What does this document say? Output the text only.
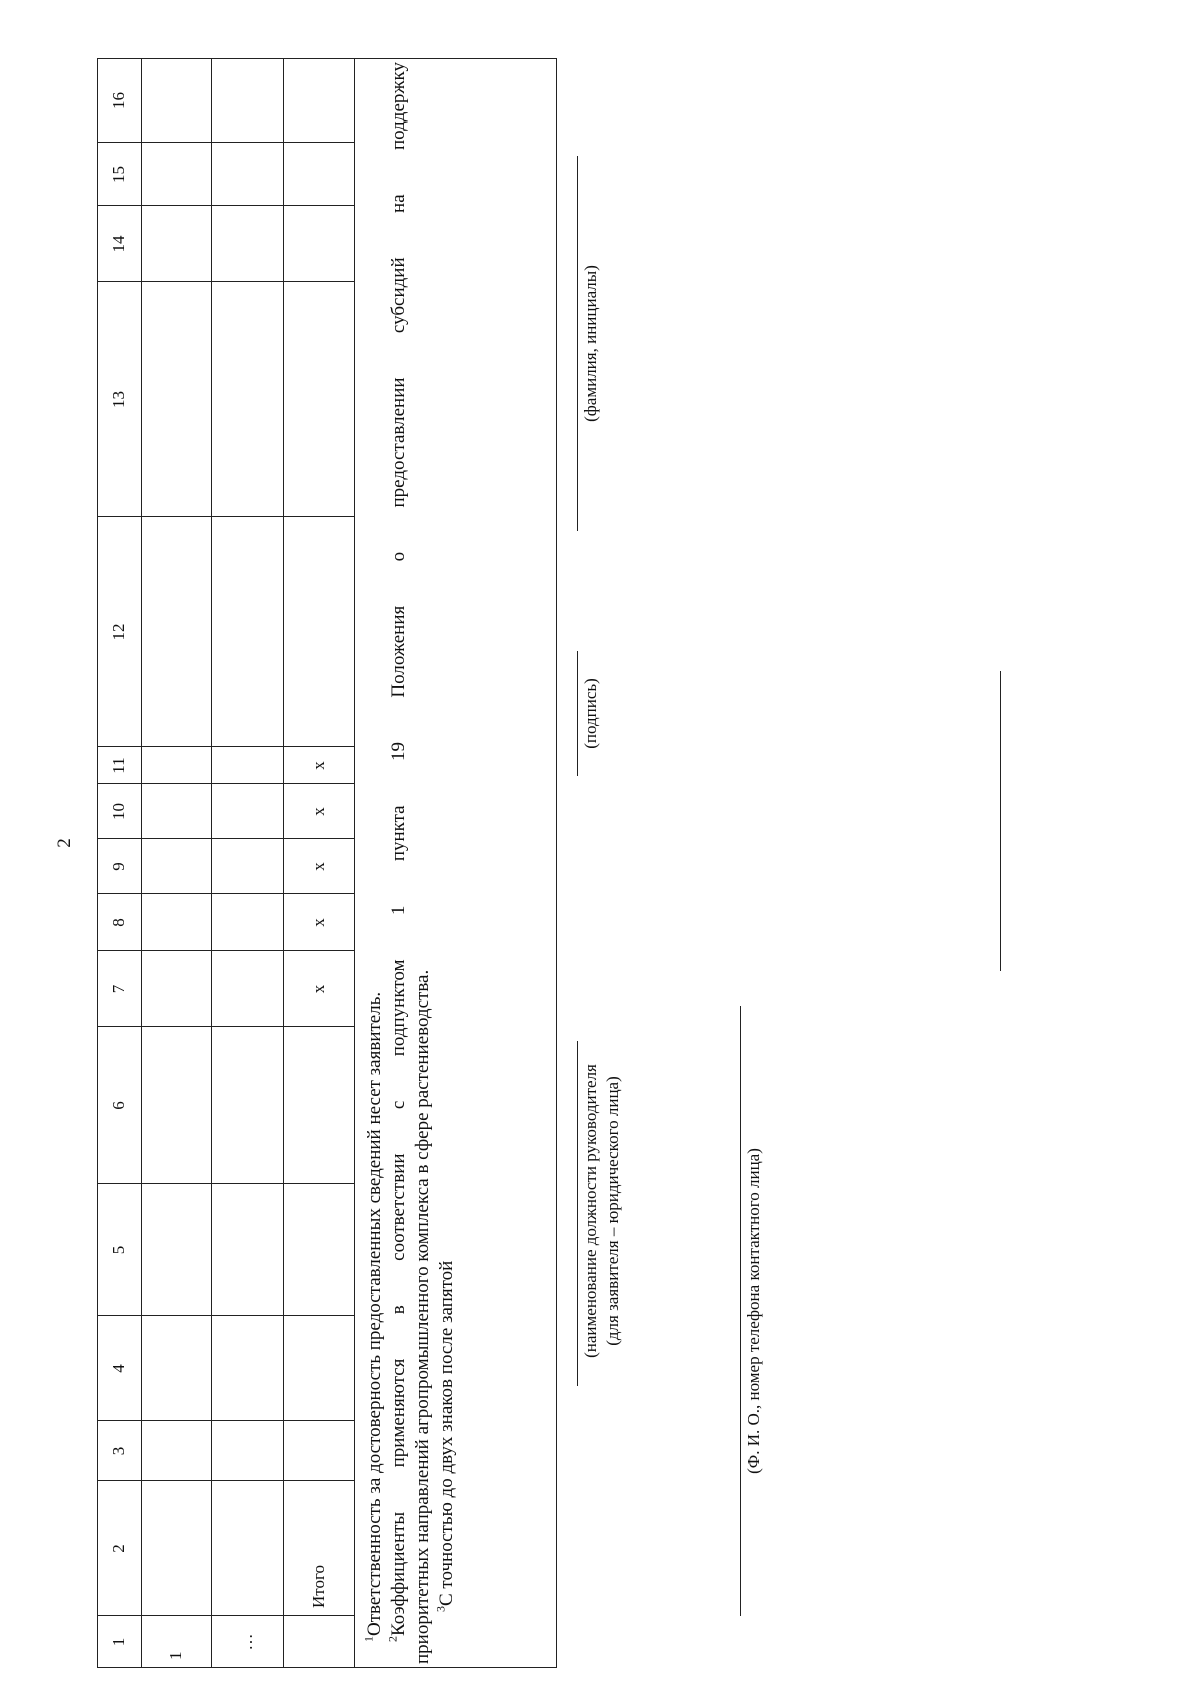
2
1
2
3
4
5
6
7
8
9
10
11
12
13
14
15
16
1
…
Итого
x
x
x
x
x

$^1$Ответственность за достоверность предоставленных сведений несет заявитель.

$^2$Коэффициенты применяются в соответствии с подпунктом 1 пункта 19 Положения о предоставлении субсидий на поддержку приоритетных направлений агропромышленного комплекса в сфере растениеводства. $^3$С точностью до двух знаков после запятой

(наименование должности руководителя (для заявителя – юридического лица)
(подпись)
(фамилия, инициалы)
(Ф. И. О., номер телефона контактного лица)
